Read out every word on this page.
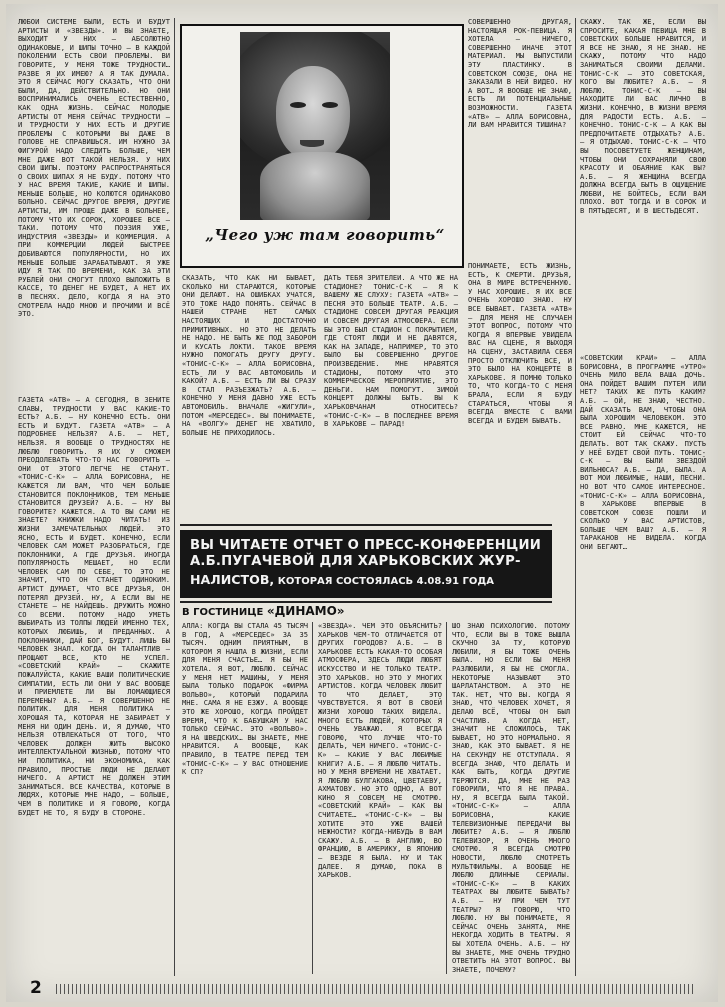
ЛЮБОЙ СИСТЕМЕ БЫЛИ, ЕСТЬ И БУДУТ АРТИСТЫ И «ЗВЕЗДЫ». И ВЫ ЗНАЕТЕ, ВЫХОДИТ У НИХ – АБСОЛЮТНО ОДИНАКОВЫЕ, И ШИПЫ ТОЧНО – В КАЖДОЙ ПОКОЛЕНИИ ЕСТЬ СВОИ ПРОБЛЕМЫ. ВИ ГОВОРИТЕ, У МЕНЯ ТОЖЕ ТРУДНОСТИ… РАЗВЕ Я ИХ ИМЕЮ? А Я ТАК ДУМАЛА. ЭТО Я СЕЙЧАС МОГУ СКАЗАТЬ, ЧТО ОНИ БЫЛИ, ДА, ДЕЙСТВИТЕЛЬНО. НО ОНИ ВОСПРИНИМАЛИСЬ ОЧЕНЬ ЕСТЕСТВЕННО, КАК ОДНА ЖИЗНЬ. СЕЙЧАС МОЛОДЫЕ АРТИСТЫ ОТ МЕНЯ СЕЙЧАС ТРУДНОСТИ – И ТРУДНОСТИ У НИХ ЕСТЬ И ДРУГИЕ ПРОБЛЕМЫ С КОТОРЫМИ ВЫ ДАЖЕ В ГОЛОВЕ НЕ СПРАВИШЬСЯ. ИМ НУЖНО ЗА ФИГУРОЙ НАДО СЛЕДИТЬ БОЛЬШЕ, ЧЕМ МНЕ ДАЖЕ ВОТ ТАКОЙ НЕЛЬЗЯ. У НИХ СВОИ ШИПЫ. ПОЭТОМУ РАСПРОСТРАНЯТЬСЯ О СВОИХ ШИПАХ Я НЕ БУДУ. ПОТОМУ ЧТО У НАС ВРЕМЯ ТАКИЕ, КАКИЕ И ШИПЫ. МЕНЬШЕ БОЛЬШЕ, НО КОЛЮТСЯ ОДИНАКОВО БОЛЬНО. СЕЙЧАС ДРУГОЕ ВРЕМЯ, ДРУГИЕ АРТИСТЫ, ИМ ПРОЩЕ ДАЖЕ В БОЛЬНЕЕ, ПОТОМУ ЧТО ИХ СОРОК, ХОРОШЕЕ ВСЕ – ТАКИ. ПОТОМУ ЧТО ПОЭЗИЯ УЖЕ, ИНДУСТРИЯ «ЗВЕЗДЫ» И КОММЕРЦИЯ. А ПРИ КОММЕРЦИИ ЛЮДЕЙ БЫСТРЕЕ ДОБИВАЮТСЯ ПОПУЛЯРНОСТИ, НО ИХ МЕНЬШЕ БОЛЬШЕ ЗАРАБАТЫВАЮТ. Я УЖЕ ИДУ Я ТАК ПО ВРЕМЕНИ, КАК ЗА ЭТИ РУБЛЕЙ ОНИ СМОГУТ ПЛОХО ВЫЛОЖИТЬ В КАССЕ, ТО ДЕНЕГ НЕ БУДЕТ, А НЕТ ИХ В ПЕСНЯХ. ДЕЛО, КОГДА Я НА ЭТО СМОТРЕЛА НАДО МНОЮ И ПРОЧИМИ И ВСЁ ЭТО.
ГАЗЕТА «АТВ» – А СЕГОДНЯ, В ЗЕНИТЕ СЛАВЫ, ТРУДНОСТИ У ВАС КАКИЕ-ТО ЕСТЬ? А.Б. – НУ КОНЕЧНО ЕСТЬ. ОНИ ЕСТЬ И БУДУТ. ГАЗЕТА «АТВ» – А ПОДРОБНЕЕ НЕЛЬЗЯ? А.Б. – НЕТ, НЕЛЬЗЯ. Я ВООБЩЕ О ТРУДНОСТЯХ НЕ ЛЮБЛЮ ГОВОРИТЬ. Я ИХ У СМОЖЕМ ПРЕОДОЛЕВАТЬ ЧТО-ТО НАС ГОВОРИТЬ – ОНИ ОТ ЭТОГО ЛЕГЧЕ НЕ СТАНУТ. «ТОНИС-С-К» – АЛЛА БОРИСОВНА, НЕ КАЖЕТСЯ ЛИ ВАМ, ЧТО ЧЕМ БОЛЬШЕ СТАНОВИТСЯ ПОКЛОННИКОВ, ТЕМ МЕНЬШЕ СТАНОВИТСЯ ДРУЗЕЙ? А.Б. – НУ ВЫ ГОВОРИТЕ? КАЖЕТСЯ. А ТО ВЫ САМИ НЕ ЗНАЕТЕ? КНИЖКИ НАДО ЧИТАТЬ! ИЗ ЖИЗНИ ЗАМЕЧАТЕЛЬНЫХ ЛЮДЕЙ. ЭТО ЯСНО, ЕСТЬ И БУДЕТ. КОНЕЧНО, ЕСЛИ ЧЕЛОВЕК САМ МОЖЕТ РАЗОБРАТЬСЯ, ГДЕ ПОКЛОННИКИ, А ГДЕ ДРУЗЬЯ. ИНОГДА ПОПУЛЯРНОСТЬ МЕШАЕТ, НО ЕСЛИ ЧЕЛОВЕК САМ ПО СЕБЕ, ТО ЭТО НЕ ЗНАЧИТ, ЧТО ОН СТАНЕТ ОДИНОКИМ. АРТИСТ ДУМАЕТ, ЧТО ВСЕ ДРУЗЬЯ, ОН ПОТЕРЯЛ ДРУЗЕЙ. НУ, А ЕСЛИ ВЫ НЕ СТАНЕТЕ – НЕ НАЙДЕШЬ. ДРУЖИТЬ МОЖНО СО ВСЕМИ. ПОТОМУ НАДО УМЕТЬ ВЫБИРАТЬ ИЗ ТОЛПЫ ЛЮДЕЙ ИМЕННО ТЕХ, КОТОРЫХ ЛЮБИШЬ, И ПРЕДАННЫХ. А ПОКЛОННИКИ, ДАЙ БОГ, БУДУТ. ЛИШЬ БЫ ЧЕЛОВЕК ЗНАЛ. КОГДА ОН ТАЛАНТЛИВ – ПРОЩАЮТ ВСЕ, КТО НЕ УСПЕЛ. «СОВЕТСКИЙ КРАЙ» – СКАЖИТЕ ПОЖАЛУЙСТА, КАКИЕ ВАШИ ПОЛИТИЧЕСКИЕ СИМПАТИИ, ЕСТЬ ЛИ ОНИ У ВАС ВООБЩЕ И ПРИЕМЛЕТЕ ЛИ ВЫ ЛОМАЮЩИЕСЯ ПЕРЕМЕНЫ? А.Б. – Я СОВЕРШЕННО НЕ ПОЛИТИК. ДЛЯ МЕНЯ ПОЛИТИКА – ХОРОШАЯ ТА, КОТОРАЯ НЕ ЗАБИРАЕТ У МЕНЯ НИ ОДИН ДЕНЬ. И, Я ДУМАЮ, ЧТО НЕЛЬЗЯ ОТВЛЕКАТЬСЯ ОТ ТОГО, ЧТО ЧЕЛОВЕК ДОЛЖЕН ЖИТЬ ВЫСОКО ИНТЕЛЛЕКТУАЛЬНОЙ ЖИЗНЬЮ, ПОТОМУ ЧТО НИ ПОЛИТИКА, НИ ЭКОНОМИКА, КАК ПРАВИЛО, ПРОСТЫЕ ЛЮДИ НЕ ДЕЛАЮТ НИЧЕГО. А АРТИСТ НЕ ДОЛЖЕН ЭТИМ ЗАНИМАТЬСЯ. ВСЕ КАЧЕСТВА, КОТОРЫЕ В ЛЮДЯХ, КОТОРЫЕ МНЕ НАДО, – БОЛЬШЕ, ЧЕМ В ПОЛИТИКЕ И Я ГОВОРЮ, КОГДА БУДЕТ НЕ ТО, Я БУДУ В СТОРОНЕ.
„Чего уж там говорить“
СОВЕРШЕННО ДРУГАЯ, НАСТОЯЩАЯ РОК-ПЕВИЦА. Я ХОТЕЛА – НИЧЕГО, СОВЕРШЕННО ИНАЧЕ ЭТОТ МАТЕРИАЛ. МЫ ВЫПУСТИЛИ ЭТУ ПЛАСТИНКУ. В СОВЕТСКОМ СОЮЗЕ, ОНА НЕ ЗАКАЗАЛИ В НЕЙ ВИДЕО. НУ А ВОТ… Я ВООБЩЕ НЕ ЗНАЮ, ЕСТЬ ЛИ ПОТЕНЦИАЛЬНЫЕ ВОЗМОЖНОСТИ. ГАЗЕТА «АТВ» – АЛЛА БОРИСОВНА, ЛИ ВАМ НРАВИТСЯ ТИШИНА?
СКАЖУ. ТАК ЖЕ, ЕСЛИ ВЫ СПРОСИТЕ, КАКАЯ ПЕВИЦА МНЕ В СОВЕТСКИХ БОЛЬШЕ НРАВИТСЯ, И Я ВСЕ НЕ ЗНАЮ, Я НЕ ЗНАЮ. НЕ СКАЖУ, ПОТОМУ ЧТО НАДО ЗАНИМАТЬСЯ СВОИМИ ДЕЛАМИ. ТОНИС-С-К – ЭТО СОВЕТСКАЯ, КОГО ВЫ ЛЮБИТЕ? А.Б. – Я ЛЮБЛЮ. ТОНИС-С-К – ВЫ НАХОДИТЕ ЛИ ВАС ЛИЧНО В ЖИЗНИ. КОНЕЧНО, В ЖИЗНИ ВРЕМЯ ДЛЯ РАДОСТИ ЕСТЬ. А.Б. – КОНЕЧНО. ТОНИС-С-К – А КАК ВЫ ПРЕДПОЧИТАЕТЕ ОТДЫХАТЬ? А.Б. – Я ОТДЫХАЮ. ТОНИС-С-К – ЧТО ВЫ ПОСОВЕТУЕТЕ ЖЕНЩИНАМ, ЧТОБЫ ОНИ СОХРАНЯЛИ СВОЮ КРАСОТУ И ОБАЯНИЕ КАК ВЫ? А.Б. – Я ЖЕНЩИНА ВСЕГДА ДОЛЖНА ВСЕГДА БЫТЬ В ОЩУЩЕНИЕ ЛЮБВИ, НЕ БОЙТЕСЬ, ЕСЛИ ВАМ ПЛОХО. ВОТ ТОГДА И В СОРОК И В ПЯТЬДЕСЯТ, И В ШЕСТЬДЕСЯТ.
СКАЗАТЬ, ЧТО КАК НИ БЫВАЕТ, СКОЛЬКО НИ СТАРАЮТСЯ, КОТОРЫЕ ОНИ ДЕЛАЮТ. НА ОШИБКАХ УЧАТСЯ, ЭТО ТОЖЕ НАДО ПОНЯТЬ. СЕЙЧАС В НАШЕЙ СТРАНЕ НЕТ САМЫХ НАСТОЯЩИХ И ДОСТАТОЧНО ПРИМИТИВНЫХ. НО ЭТО НЕ ДЕЛАТЬ НЕ НАДО. НЕ БЫТЬ ЖЕ ПОД ЗАБОРОМ И КУСАТЬ ЛОКТИ. ТАКОЕ ВРЕМЯ НУЖНО ПОМОГАТЬ ДРУГУ ДРУГУ. «ТОНИС-С-К» – АЛЛА БОРИСОВНА, ЕСТЬ ЛИ У ВАС АВТОМОБИЛЬ И КАКОЙ? А.Б. – ЕСТЬ ЛИ ВЫ СРАЗУ В СТАЛ РАЗЪЕЗЖАТЬ? А.Б. – КОНЕЧНО У МЕНЯ ДАВНО УЖЕ ЕСТЬ АВТОМОБИЛЬ. ВНАЧАЛЕ «ЖИГУЛИ», ПОТОМ «МЕРСЕДЕС». ВЫ ПОНИМАЕТЕ, НА «ВОЛГУ» ДЕНЕГ НЕ ХВАТИЛО, БОЛЬШЕ НЕ ПРИХОДИЛОСЬ.
ДАТЬ ТЕБЯ ЗРИТЕЛЕЙ. А ЧТО ЖЕ НА СТАДИОНЕ? ТОНИС-С-К – Я К ВАШЕМУ ЖЕ СЛУХУ: ГАЗЕТА «АТВ» – ПЕСНЯ ЭТО БОЛЬШЕ ТЕАТР. А.Б. – СТАДИОНЕ СОВСЕМ ДРУГАЯ РЕАКЦИЯ И СОВСЕМ ДРУГАЯ АТМОСФЕРА. ЕСЛИ БЫ ЭТО БЫЛ СТАДИОН С ПОКРЫТИЕМ, ГДЕ СТОЯТ ЛЮДИ И НЕ ДАВЯТСЯ, КАК НА ЗАПАДЕ, НАПРИМЕР, ТО ЭТО БЫЛО БЫ СОВЕРШЕННО ДРУГОЕ ПРОИЗВЕДЕНИЕ. МНЕ НРАВЯТСЯ СТАДИОНЫ, ПОТОМУ ЧТО ЭТО КОММЕРЧЕСКОЕ МЕРОПРИЯТИЕ, ЭТО ДЕНЬГИ. НАМ ПОМОГУТ. ЗИМОЙ КОНЦЕРТ ДОЛЖНЫ БЫТЬ. ВЫ К ХАРЬКОВЧАНАМ ОТНОСИТЕСЬ? «ТОНИС-С-К» – В ПОСЛЕДНЕЕ ВРЕМЯ В ХАРЬКОВЕ – ПАРАД!
ПОНИМАЕТЕ, ЕСТЬ ЖИЗНЬ, ЕСТЬ, К СМЕРТИ. ДРУЗЬЯ, ОНА В МИРЕ ВСТРЕЧЕННУЮ. У НАС ХОРОШИЕ. Я ИХ ВСЕ ОЧЕНЬ ХОРОШО ЗНАЮ. НУ ВСЕ БЫВАЕТ. ГАЗЕТА «АТВ» – ДЛЯ МЕНЯ НЕ СЛУЧАЕН ЭТОТ ВОПРОС, ПОТОМУ ЧТО КОГДА Я ВПЕРВЫЕ УВИДЕЛА ВАС НА СЦЕНЕ, Я ВЫХОДЯ НА СЦЕНУ, ЗАСТАВИЛА СЕБЯ ПРОСТО ОТКЛЮЧИТЬ ВСЕ, И ЭТО БЫЛО НА КОНЦЕРТЕ В ХАРЬКОВЕ. Я ПОМНЮ ТОЛЬКО ТО, ЧТО КОГДА-ТО С МЕНЯ БРАЛА, ЕСЛИ Я БУДУ СТАРАТЬСЯ, ЧТОБЫ Я ВСЕГДА ВМЕСТЕ С ВАМИ ВСЕГДА И БУДЕМ БЫВАТЬ.
«СОВЕТСКИЙ КРАЙ» – АЛЛА БОРИСОВНА, В ПРОГРАММЕ «УТРО» ОЧЕНЬ МИЛО ВЕЛА ВАША ДОЧЬ. ОНА ПОЙДЕТ ВАШИМ ПУТЕМ ИЛИ НЕТ? ТАКИХ ЖЕ ПУТЬ КАКИМ? А.Б. – ОЙ, НЕ ЗНАЮ, ЧЕСТНО. ДАЙ СКАЗАТЬ ВАМ, ЧТОБЫ ОНА БЫЛА ХОРОШИМ ЧЕЛОВЕКОМ. ЭТО ВСЕ РАВНО. МНЕ КАЖЕТСЯ, НЕ СТОИТ ЕЙ СЕЙЧАС ЧТО-ТО ДЕЛАТЬ. ВОТ ТАК СКАЖУ. ПУСТЬ У НЕЁ БУДЕТ СВОЙ ПУТЬ. ТОНИС-С-К – ВЫ БЫЛИ ЗВЕЗДОЙ ВИЛЬНЮСА? А.Б. – ДА, БЫЛА. А ВОТ МОИ ЛЮБИМЫЕ, НАШИ, ПЕСНИ. НО ВОТ ЧТО САМОЕ ИНТЕРЕСНОЕ. «ТОНИС-С-К» – АЛЛА БОРИСОВНА, В ХАРЬКОВЕ ВПЕРВЫЕ В СОВЕТСКОМ СОЮЗЕ ПОШЛИ И СКОЛЬКО У ВАС АРТИСТОВ, БОЛЬШЕ ЧЕМ ВАШ? А.Б. – Я ТАРАКАНОВ НЕ ВИДЕЛА. КОГДА ОНИ БЕГАЮТ…
ВЫ ЧИТАЕТЕ ОТЧЕТ О ПРЕСС-КОНФЕРЕНЦИИ
А.Б.ПУГАЧЕВОЙ ДЛЯ ХАРЬКОВСКИХ ЖУР-
НАЛИСТОВ, КОТОРАЯ СОСТОЯЛАСЬ 4.08.91 ГОДА
В ГОСТИНИЦЕ «ДИНАМО»
АЛЛА: КОГДА ВЫ СТАЛА 45 ТЫСЯЧ В ГОД, А «МЕРСЕДЕС» ЗА 35 ТЫСЯЧ. ОДНИМ ПРИЯТНЫМ, В КОТОРОМ Я НАШЛА В ЖИЗНИ, ЕСЛИ ДЛЯ МЕНЯ СЧАСТЬЕ… Я БЫ НЕ ХОТЕЛА. Я ВОТ, ЛЮБЛЮ. СЕЙЧАС У МЕНЯ НЕТ МАШИНЫ, У МЕНЯ БЫЛА ТОЛЬКО ПОДАРОК «ФИРМА ВОЛЬВО», КОТОРЫЙ ПОДАРИЛА МНЕ. САМА Я НЕ ЕЗЖУ. А ВООБЩЕ ЭТО ЖЕ ХОРОШО, КОГДА ПРОЙДЕТ ВРЕМЯ, ЧТО К БАБУШКАМ У НАС ТОЛЬКО СЕЙЧАС. ЭТО «ВОЛЬВО». Я НА ШВЕДСКИХ… ВЫ ЗНАЕТЕ, МНЕ НРАВИТСЯ. А ВООБЩЕ, КАК ПРАВИЛО, В ТЕАТРЕ ПЕРЕД ТЕМ «ТОНИС-С-К» – У ВАС ОТНОШЕНИЕ К СП?
«ЗВЕЗДА». ЧЕМ ЭТО ОБЪЯСНИТЬ? ХАРЬКОВ ЧЕМ-ТО ОТЛИЧАЕТСЯ ОТ ДРУГИХ ГОРОДОВ? А.Б. – В ХАРЬКОВЕ ЕСТЬ КАКАЯ-ТО ОСОБАЯ АТМОСФЕРА, ЗДЕСЬ ЛЮДИ ЛЮБЯТ ИСКУССТВО И НЕ ТОЛЬКО ТЕАТР. ЭТО ХАРЬКОВ. НО ЭТО У МНОГИХ АРТИСТОВ. КОГДА ЧЕЛОВЕК ЛЮБИТ ТО ЧТО ДЕЛАЕТ, ЭТО ЧУВСТВУЕТСЯ. Я ВОТ В СВОЕЙ ЖИЗНИ ХОРОШО ТАКИХ ВИДЕЛА. МНОГО ЕСТЬ ЛЮДЕЙ, КОТОРЫХ Я ОЧЕНЬ УВАЖАЮ. Я ВСЕГДА ГОВОРЮ, ЧТО ЛУЧШЕ ЧТО-ТО ДЕЛАТЬ, ЧЕМ НИЧЕГО. «ТОНИС-С-К» – КАКИЕ У ВАС ЛЮБИМЫЕ КНИГИ? А.Б. – Я ЛЮБЛЮ ЧИТАТЬ. НО У МЕНЯ ВРЕМЕНИ НЕ ХВАТАЕТ. Я ЛЮБЛЮ БУЛГАКОВА, ЦВЕТАЕВУ, АХМАТОВУ. НО ЭТО ОДНО, А ВОТ КИНО Я СОВСЕМ НЕ СМОТРЮ. «СОВЕТСКИЙ КРАЙ» – КАК ВЫ СЧИТАЕТЕ… «ТОНИС-С-К» – ВЫ ХОТИТЕ ЭТО УЖЕ ВАШЕЙ НЕЖНОСТИ? КОГДА-НИБУДЬ В ВАМ СКАЖУ. А.Б. – В АНГЛИЮ, ВО ФРАНЦИЮ, В АМЕРИКУ, В ЯПОНИЮ – ВЕЗДЕ Я БЫЛА. НУ И ТАК ДАЛЕЕ. Я ДУМАЮ, ПОКА В ХАРЬКОВ.
ШО ЗНАЮ ПСИХОЛОГИЮ. ПОТОМУ ЧТО, ЕСЛИ ВЫ В ТОЖЕ ВЫШЛА СКУЧНО ЗА ТУ, КОТОРУЮ ЛЮБИЛИ, Я БЫ ТОЖЕ ОЧЕНЬ БЫЛА. НО ЕСЛИ БЫ МЕНЯ РАЗЛЮБИЛИ, Я БЫ НЕ СМОГЛА. НЕКОТОРЫЕ НАЗЫВАЮТ ЭТО ШАРЛАТАНСТВОМ. А ЭТО НЕ ТАК. НЕТ, ЧТО ВЫ. КОГДА Я ЗНАЮ, ЧТО ЧЕЛОВЕК ХОЧЕТ, Я ДЕЛАЮ ВСЁ, ЧТОБЫ ОН БЫЛ СЧАСТЛИВ. А КОГДА НЕТ, ЗНАЧИТ НЕ СЛОЖИЛОСЬ, ТАК БЫВАЕТ, НО ЭТО НОРМАЛЬНО. Я ЗНАЮ, КАК ЭТО БЫВАЕТ. Я НЕ НА СЕКУНДУ НЕ ОТСТУПАЛА. Я ВСЕГДА ЗНАЮ, ЧТО ДЕЛАТЬ И КАК БЫТЬ, КОГДА ДРУГИЕ ТЕРЯЮТСЯ. ДА, МНЕ НЕ РАЗ ГОВОРИЛИ, ЧТО Я НЕ ПРАВА. НУ, Я ВСЕГДА БЫЛА ТАКОЙ. «ТОНИС-С-К» – АЛЛА БОРИСОВНА, КАКИЕ ТЕЛЕВИЗИОННЫЕ ПЕРЕДАЧИ ВЫ ЛЮБИТЕ? А.Б. – Я ЛЮБЛЮ ТЕЛЕВИЗОР, Я ОЧЕНЬ МНОГО СМОТРЮ. Я ВСЕГДА СМОТРЮ НОВОСТИ, ЛЮБЛЮ СМОТРЕТЬ МУЛЬТФИЛЬМЫ. А ВООБЩЕ НЕ ЛЮБЛЮ ДЛИННЫЕ СЕРИАЛЫ. «ТОНИС-С-К» – В КАКИХ ТЕАТРАХ ВЫ ЛЮБИТЕ БЫВАТЬ? А.Б. – НУ ПРИ ЧЕМ ТУТ ТЕАТРЫ? Я ГОВОРЮ, ЧТО ЛЮБЛЮ. НУ ВЫ ПОНИМАЕТЕ, Я СЕЙЧАС ОЧЕНЬ ЗАНЯТА, МНЕ НЕКОГДА ХОДИТЬ В ТЕАТРЫ. Я БЫ ХОТЕЛА ОЧЕНЬ. А.Б. – НУ ВЫ ЗНАЕТЕ, МНЕ ОЧЕНЬ ТРУДНО ОТВЕТИТЬ НА ЭТОТ ВОПРОС. ВЫ ЗНАЕТЕ, ПОЧЕМУ?
2
